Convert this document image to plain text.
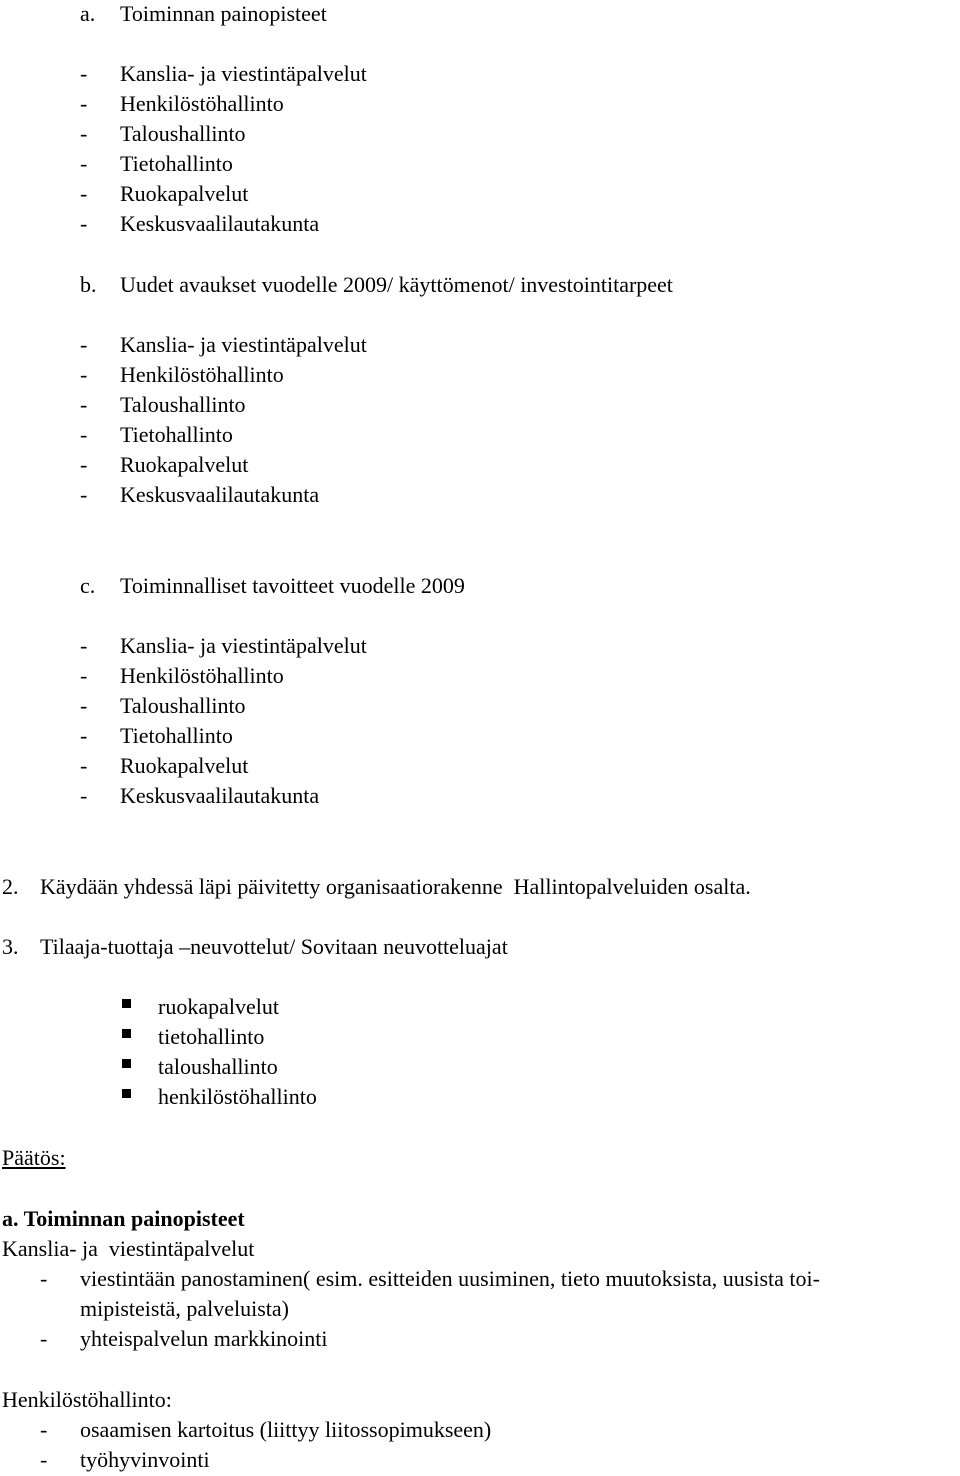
a. Toiminnan painopisteet
- Kanslia- ja viestintäpalvelut
- Henkilöstöhallinto
- Taloushallinto
- Tietohallinto
- Ruokapalvelut
- Keskusvaalilautakunta
b. Uudet avaukset vuodelle 2009/ käyttömenot/ investointitarpeet
- Kanslia- ja viestintäpalvelut
- Henkilöstöhallinto
- Taloushallinto
- Tietohallinto
- Ruokapalvelut
- Keskusvaalilautakunta
c. Toiminnalliset tavoitteet vuodelle 2009
- Kanslia- ja viestintäpalvelut
- Henkilöstöhallinto
- Taloushallinto
- Tietohallinto
- Ruokapalvelut
- Keskusvaalilautakunta
2. Käydään yhdessä läpi päivitetty organisaatiorakenne  Hallintopalveluiden osalta.
3. Tilaaja-tuottaja –neuvottelut/ Sovitaan neuvotteluajat
ruokapalvelut
tietohallinto
taloushallinto
henkilöstöhallinto
Päätös:
a. Toiminnan painopisteet
Kanslia- ja  viestintäpalvelut
- viestintään panostaminen( esim. esitteiden uusiminen, tieto muutoksista, uusista toi-
mipisteistä, palveluista)
- yhteispalvelun markkinointi
Henkilöstöhallinto:
- osaamisen kartoitus (liittyy liitossopimukseen)
- työhyvinvointi
